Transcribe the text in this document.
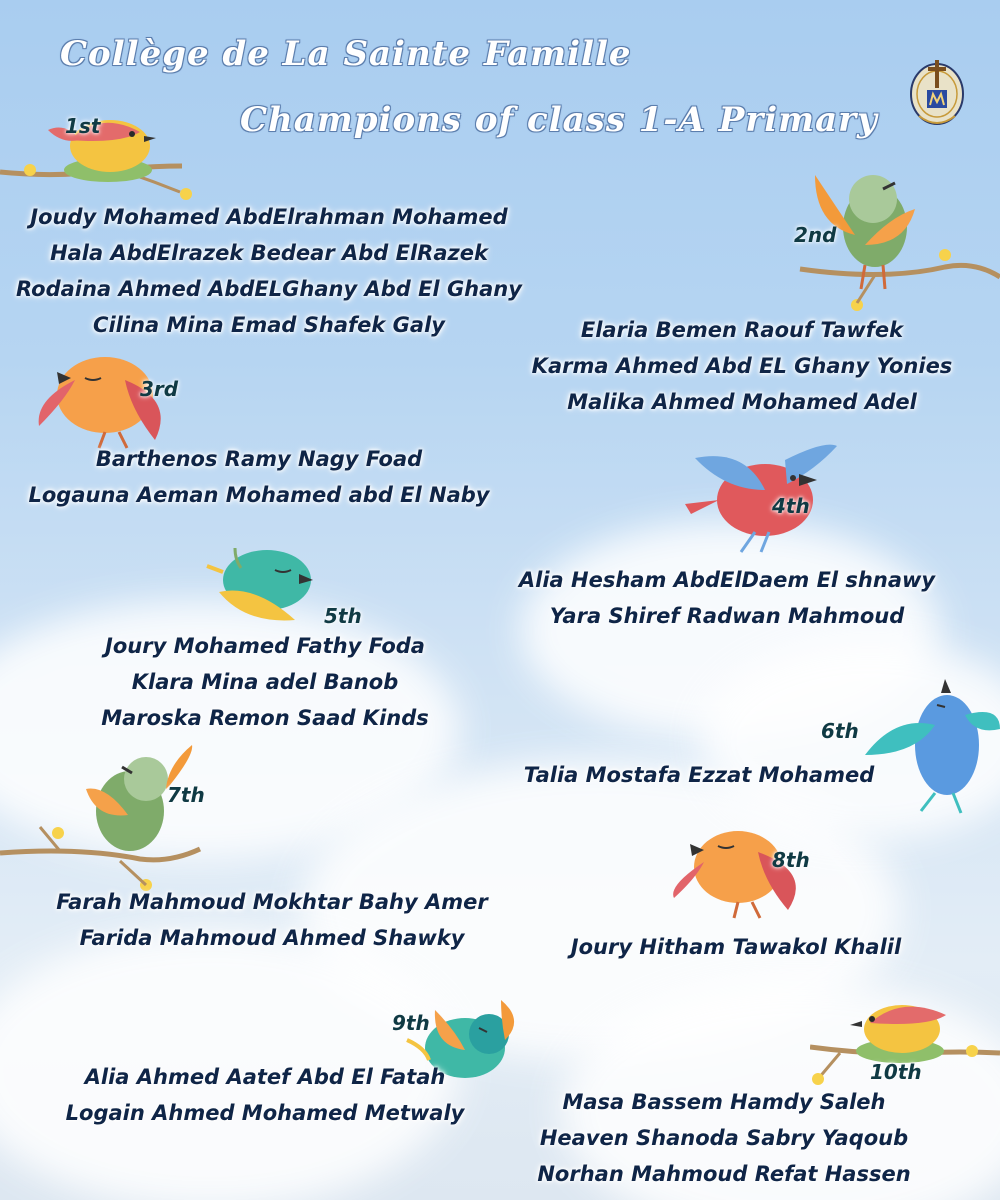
Collège de La Sainte Famille
Champions of class 1-A Primary
1st
2nd
3rd
4th
5th
6th
7th
8th
9th
10th
Joudy Mohamed AbdElrahman Mohamed
Hala AbdElrazek Bedear Abd ElRazek
Rodaina Ahmed AbdELGhany Abd El Ghany
Cilina Mina Emad Shafek Galy	Elaria Bemen Raouf Tawfek
Karma Ahmed Abd EL Ghany Yonies
Malika Ahmed Mohamed Adel
Barthenos Ramy Nagy Foad
Logauna Aeman Mohamed abd El Naby
Alia Hesham AbdElDaem El shnawy
Yara Shiref Radwan Mahmoud
Joury Mohamed Fathy Foda
Klara Mina adel Banob
Maroska Remon Saad Kinds
Talia Mostafa Ezzat Mohamed
Farah Mahmoud Mokhtar Bahy Amer
Farida Mahmoud Ahmed Shawky	Joury Hitham Tawakol Khalil
Alia Ahmed Aatef Abd El Fatah
Logain Ahmed Mohamed Metwaly	Masa Bassem Hamdy Saleh
Heaven Shanoda Sabry Yaqoub
Norhan Mahmoud Refat Hassen
